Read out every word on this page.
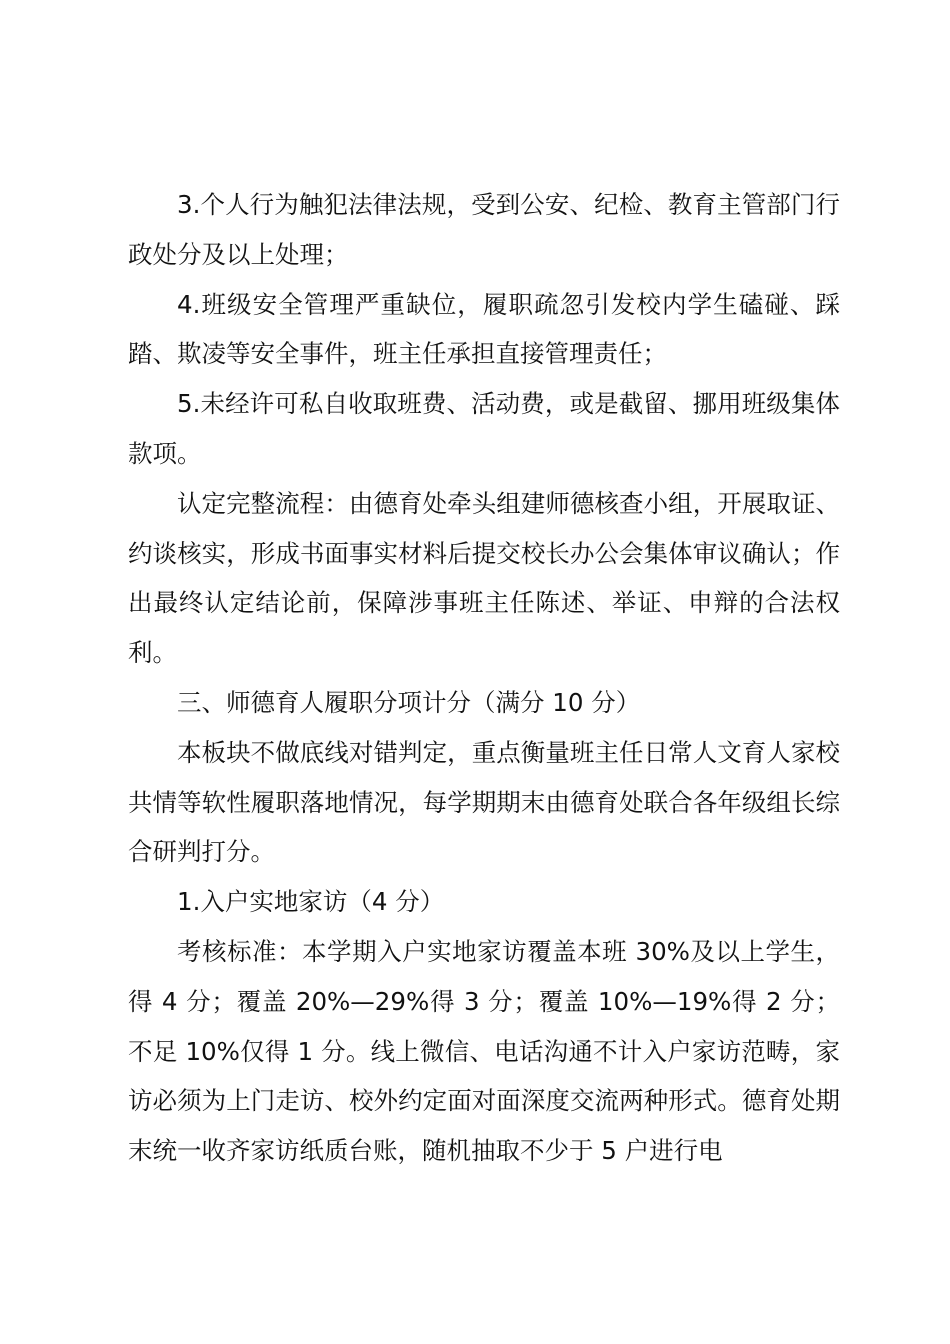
3.个人行为触犯法律法规，受到公安、纪检、教育主管部门行政处分及以上处理；

4.班级安全管理严重缺位，履职疏忽引发校内学生磕碰、踩踏、欺凌等安全事件，班主任承担直接管理责任；

5.未经许可私自收取班费、活动费，或是截留、挪用班级集体款项。

认定完整流程：由德育处牵头组建师德核查小组，开展取证、约谈核实，形成书面事实材料后提交校长办公会集体审议确认；作出最终认定结论前，保障涉事班主任陈述、举证、申辩的合法权利。

三、师德育人履职分项计分（满分 10 分）

本板块不做底线对错判定，重点衡量班主任日常人文育人家校共情等软性履职落地情况，每学期期末由德育处联合各年级组长综合研判打分。

1.入户实地家访（4 分）

考核标准：本学期入户实地家访覆盖本班 30%及以上学生，得 4 分；覆盖 20%—29%得 3 分；覆盖 10%—19%得 2 分；不足 10%仅得 1 分。线上微信、电话沟通不计入户家访范畴，家访必须为上门走访、校外约定面对面深度交流两种形式。德育处期末统一收齐家访纸质台账，随机抽取不少于 5 户进行电
